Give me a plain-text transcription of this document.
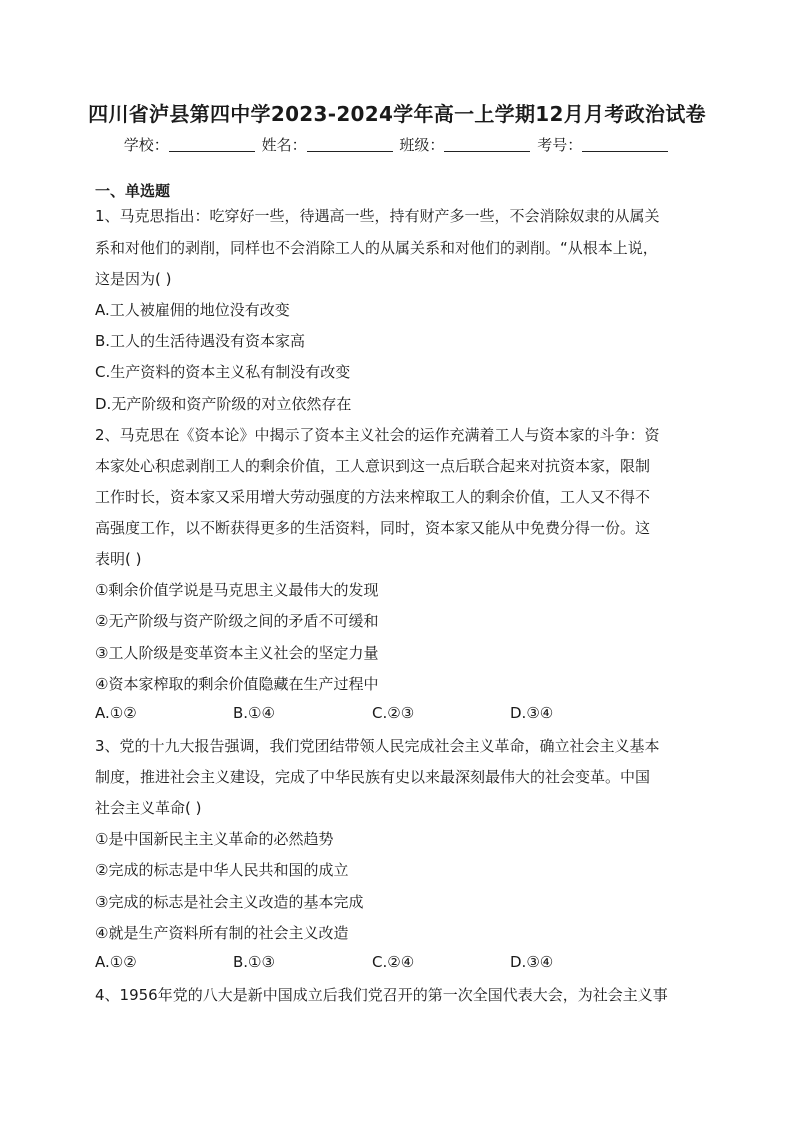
四川省泸县第四中学2023-2024学年高一上学期12月月考政治试卷
学校：	姓名：	班级：	考号：
一、单选题
1、马克思指出：吃穿好一些，待遇高一些，持有财产多一些，不会消除奴隶的从属关
系和对他们的剥削，同样也不会消除工人的从属关系和对他们的剥削。“从根本上说，
这是因为( )
A.工人被雇佣的地位没有改变
B.工人的生活待遇没有资本家高
C.生产资料的资本主义私有制没有改变
D.无产阶级和资产阶级的对立依然存在
2、马克思在《资本论》中揭示了资本主义社会的运作充满着工人与资本家的斗争：资
本家处心积虑剥削工人的剩余价值，工人意识到这一点后联合起来对抗资本家，限制
工作时长，资本家又采用增大劳动强度的方法来榨取工人的剩余价值，工人又不得不
高强度工作，以不断获得更多的生活资料，同时，资本家又能从中免费分得一份。这
表明( )
①剩余价值学说是马克思主义最伟大的发现
②无产阶级与资产阶级之间的矛盾不可缓和
③工人阶级是变革资本主义社会的坚定力量
④资本家榨取的剩余价值隐藏在生产过程中
A.①②	B.①④	C.②③	D.③④
3、党的十九大报告强调，我们党团结带领人民完成社会主义革命，确立社会主义基本
制度，推进社会主义建设，完成了中华民族有史以来最深刻最伟大的社会变革。中国
社会主义革命( )
①是中国新民主主义革命的必然趋势
②完成的标志是中华人民共和国的成立
③完成的标志是社会主义改造的基本完成
④就是生产资料所有制的社会主义改造
A.①②	B.①③	C.②④	D.③④
4、1956年党的八大是新中国成立后我们党召开的第一次全国代表大会，为社会主义事
